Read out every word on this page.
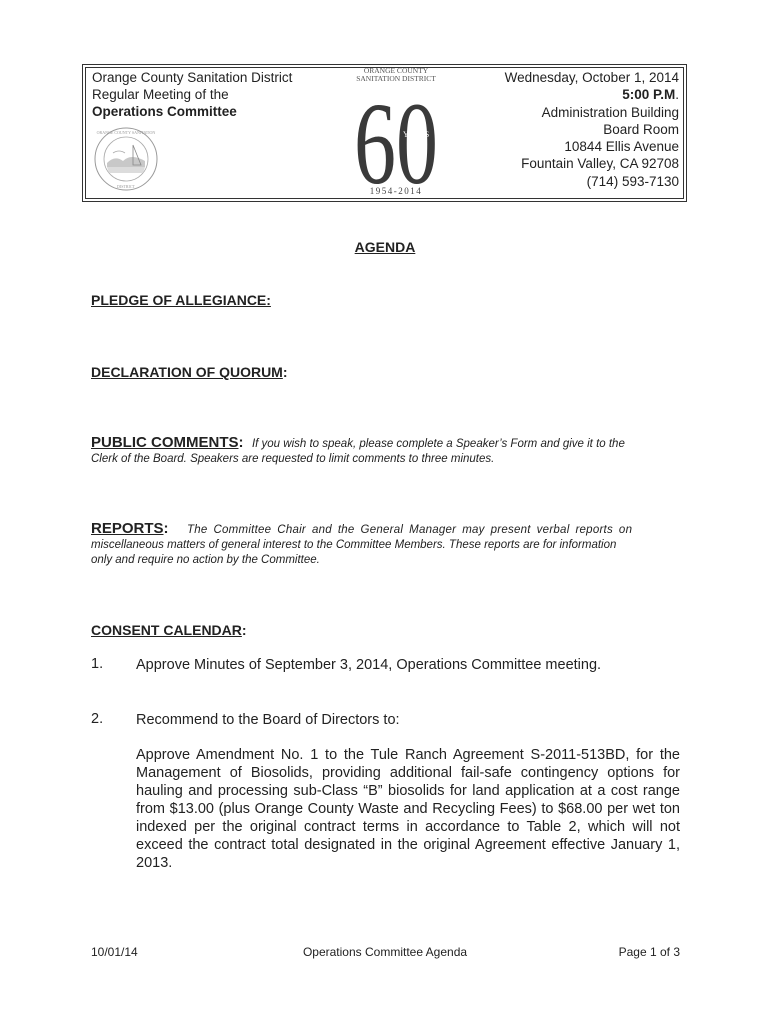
Orange County Sanitation District
Regular Meeting of the
Operations Committee
ORANGE COUNTY SANITATION
DISTRICT
ORANGE COUNTY
SANITATION DISTRICT
60
YEARS
1954-2014
Wednesday, October 1, 2014
5:00 P.M.
Administration Building
Board Room
10844 Ellis Avenue
Fountain Valley, CA 92708
(714) 593-7130
AGENDA
PLEDGE OF ALLEGIANCE:
DECLARATION OF QUORUM:
PUBLIC COMMENTS: If you wish to speak, please complete a Speaker’s Form and give it to the
Clerk of the Board. Speakers are requested to limit comments to three minutes.
REPORTS: The Committee Chair and the General Manager may present verbal reports on
miscellaneous matters of general interest to the Committee Members. These reports are for information
only and require no action by the Committee.
CONSENT CALENDAR:
1. Approve Minutes of September 3, 2014, Operations Committee meeting.
2. Recommend to the Board of Directors to:
Approve Amendment No. 1 to the Tule Ranch Agreement S-2011-513BD, for the Management of Biosolids, providing additional fail-safe contingency options for hauling and processing sub-Class “B” biosolids for land application at a cost range from $13.00 (plus Orange County Waste and Recycling Fees) to $68.00 per wet ton indexed per the original contract terms in accordance to Table 2, which will not exceed the contract total designated in the original Agreement effective January 1, 2013.
10/01/14	Operations Committee Agenda	Page 1 of 3
